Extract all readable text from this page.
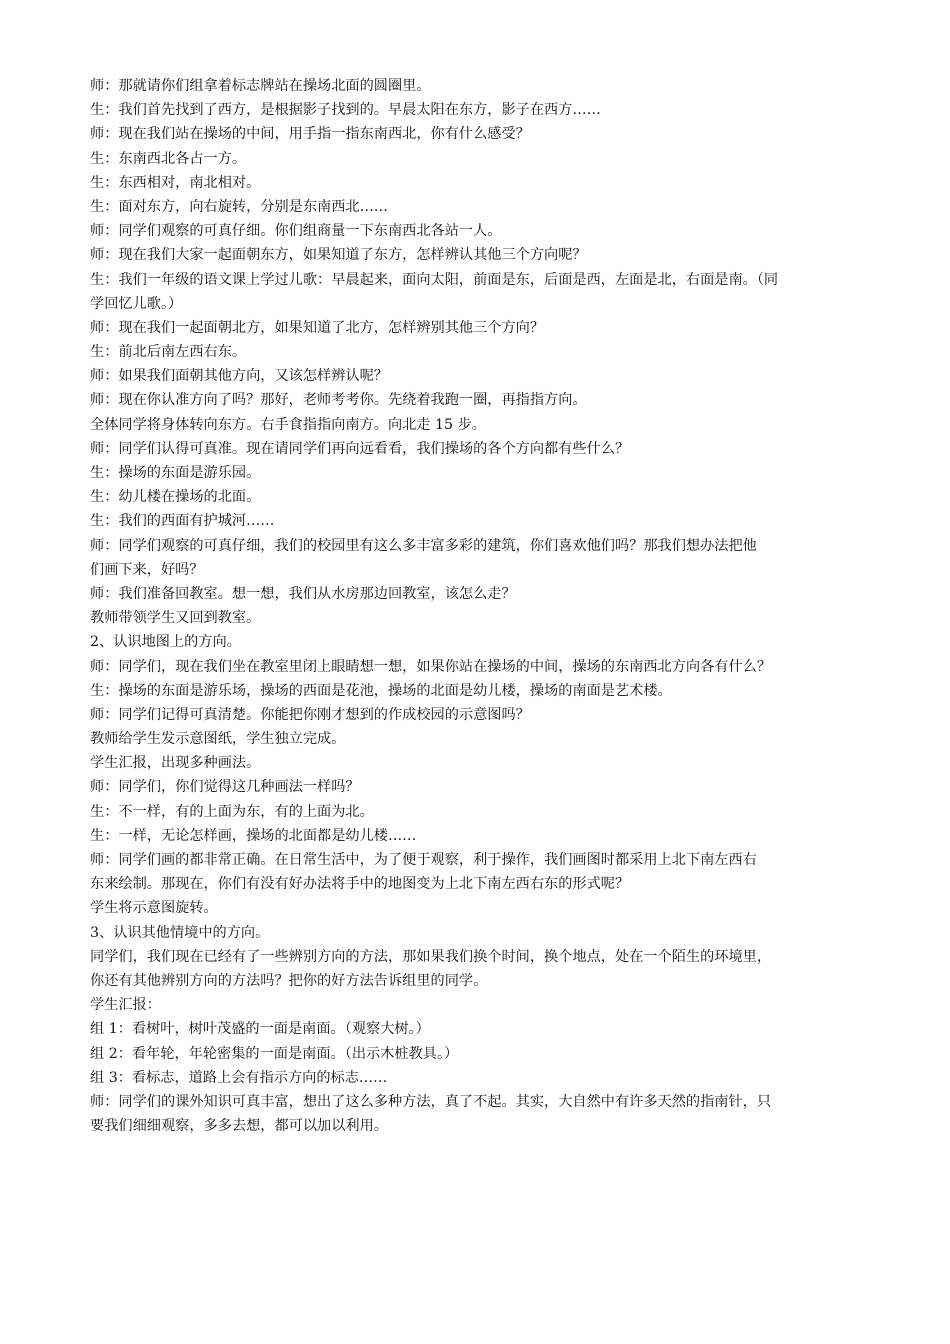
师：那就请你们组拿着标志牌站在操场北面的圆圈里。
生：我们首先找到了西方，是根据影子找到的。早晨太阳在东方，影子在西方……
师：现在我们站在操场的中间，用手指一指东南西北，你有什么感受？
生：东南西北各占一方。
生：东西相对，南北相对。
生：面对东方，向右旋转，分别是东南西北……
师：同学们观察的可真仔细。你们组商量一下东南西北各站一人。
师：现在我们大家一起面朝东方，如果知道了东方，怎样辨认其他三个方向呢？
生：我们一年级的语文课上学过儿歌：早晨起来，面向太阳，前面是东，后面是西，左面是北，右面是南。（同
学回忆儿歌。）
师：现在我们一起面朝北方，如果知道了北方，怎样辨别其他三个方向？
生：前北后南左西右东。
师：如果我们面朝其他方向，又该怎样辨认呢？
师：现在你认准方向了吗？那好，老师考考你。先绕着我跑一圈，再指指方向。
全体同学将身体转向东方。右手食指指向南方。向北走 15 步。
师：同学们认得可真准。现在请同学们再向远看看，我们操场的各个方向都有些什么？
生：操场的东面是游乐园。
生：幼儿楼在操场的北面。
生：我们的西面有护城河……
师：同学们观察的可真仔细，我们的校园里有这么多丰富多彩的建筑，你们喜欢他们吗？那我们想办法把他
们画下来，好吗？
师：我们准备回教室。想一想，我们从水房那边回教室，该怎么走？
教师带领学生又回到教室。
2、认识地图上的方向。
师：同学们，现在我们坐在教室里闭上眼睛想一想，如果你站在操场的中间，操场的东南西北方向各有什么？
生：操场的东面是游乐场，操场的西面是花池，操场的北面是幼儿楼，操场的南面是艺术楼。
师：同学们记得可真清楚。你能把你刚才想到的作成校园的示意图吗？
教师给学生发示意图纸，学生独立完成。
学生汇报，出现多种画法。
师：同学们，你们觉得这几种画法一样吗？
生：不一样，有的上面为东，有的上面为北。
生：一样，无论怎样画，操场的北面都是幼儿楼……
师：同学们画的都非常正确。在日常生活中，为了便于观察，利于操作，我们画图时都采用上北下南左西右
东来绘制。那现在，你们有没有好办法将手中的地图变为上北下南左西右东的形式呢？
学生将示意图旋转。
3、认识其他情境中的方向。
同学们，我们现在已经有了一些辨别方向的方法，那如果我们换个时间，换个地点，处在一个陌生的环境里，
你还有其他辨别方向的方法吗？把你的好方法告诉组里的同学。
学生汇报：
组 1：看树叶，树叶茂盛的一面是南面。（观察大树。）
组 2：看年轮，年轮密集的一面是南面。（出示木桩教具。）
组 3：看标志，道路上会有指示方向的标志……
师：同学们的课外知识可真丰富，想出了这么多种方法，真了不起。其实，大自然中有许多天然的指南针，只
要我们细细观察，多多去想，都可以加以利用。
